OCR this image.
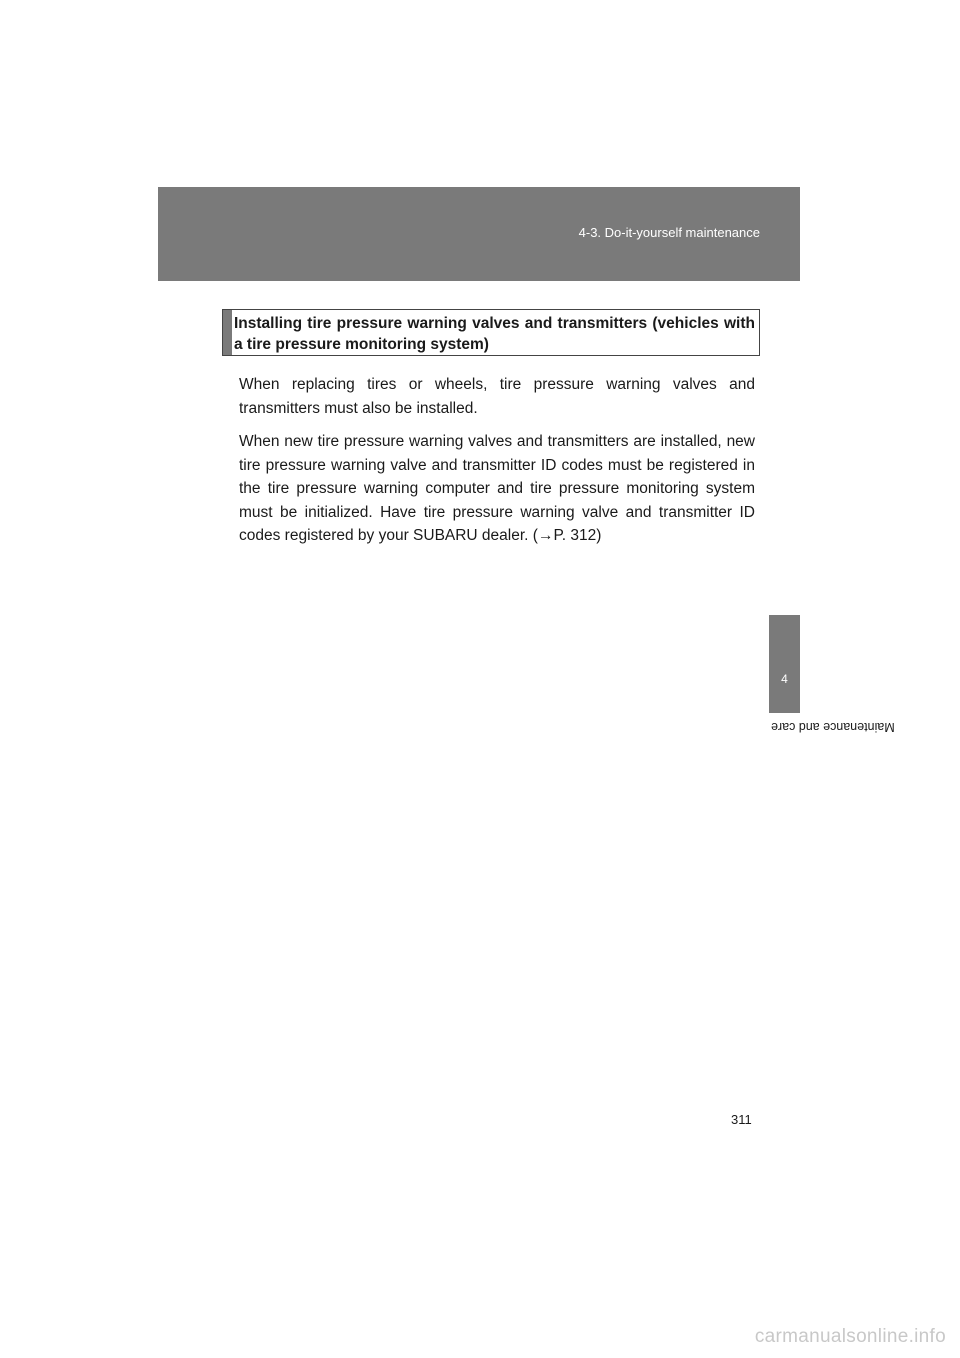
4-3. Do-it-yourself maintenance
4
Maintenance and care
Installing tire pressure warning valves and transmitters (vehicles with a tire pressure monitoring system)

When replacing tires or wheels, tire pressure warning valves and transmitters must also be installed.

When new tire pressure warning valves and transmitters are installed, new tire pressure warning valve and transmitter ID codes must be registered in the tire pressure warning computer and tire pressure monitoring system must be initialized. Have tire pressure warning valve and transmitter ID codes registered by your SUBARU dealer. (→P. 312)

311
carmanualsonline.info
